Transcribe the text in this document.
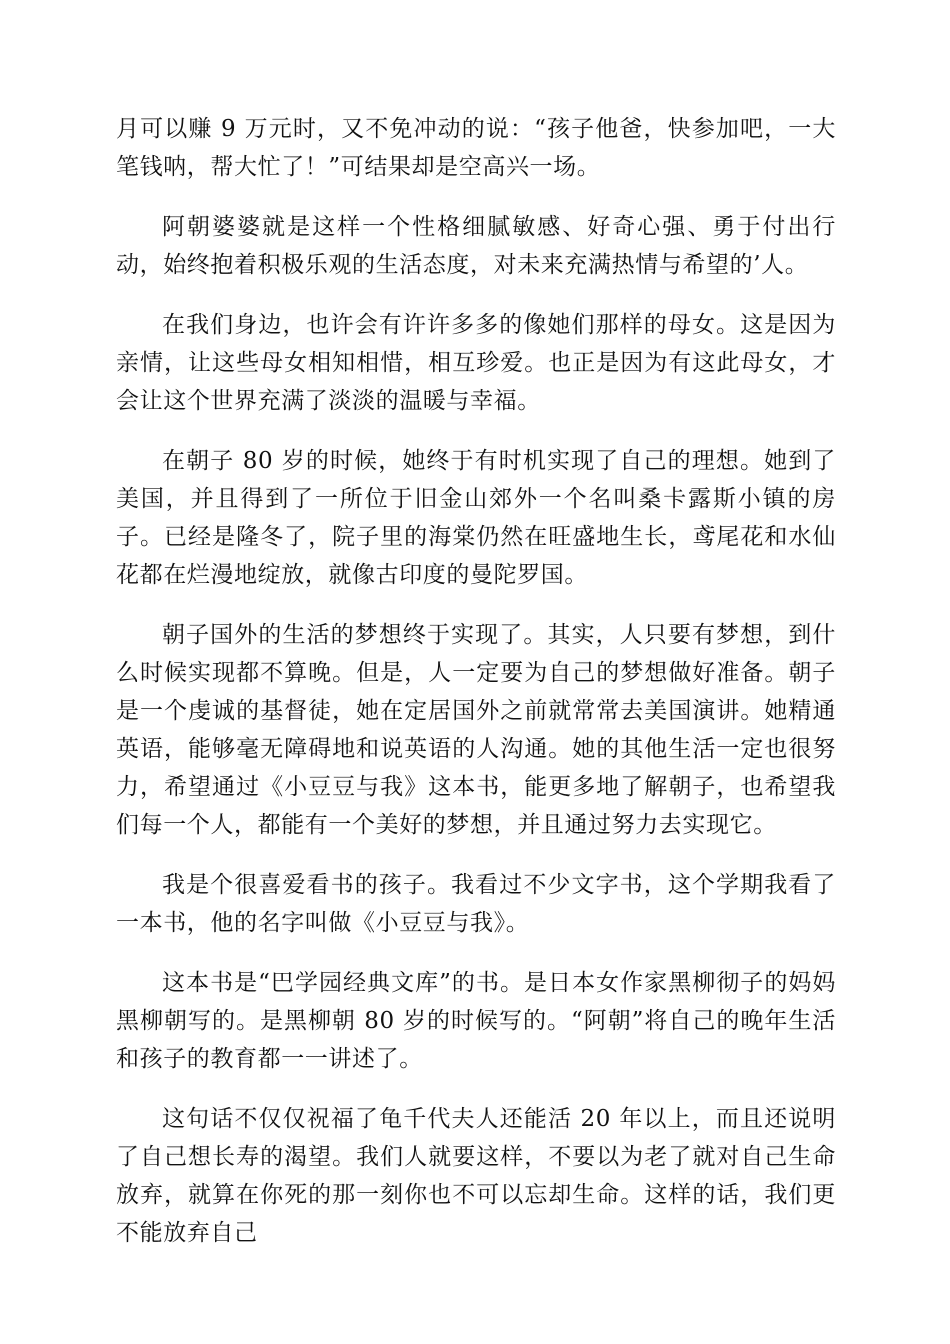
月可以赚 9 万元时，又不免冲动的说：“孩子他爸，快参加吧，一大笔钱呐，帮大忙了！”可结果却是空高兴一场。

阿朝婆婆就是这样一个性格细腻敏感、好奇心强、勇于付出行动，始终抱着积极乐观的生活态度，对未来充满热情与希望的’人。

在我们身边，也许会有许许多多的像她们那样的母女。这是因为亲情，让这些母女相知相惜，相互珍爱。也正是因为有这此母女，才会让这个世界充满了淡淡的温暖与幸福。

在朝子 80 岁的时候，她终于有时机实现了自己的理想。她到了美国，并且得到了一所位于旧金山郊外一个名叫桑卡露斯小镇的房子。已经是隆冬了，院子里的海棠仍然在旺盛地生长，鸢尾花和水仙花都在烂漫地绽放，就像古印度的曼陀罗国。

朝子国外的生活的梦想终于实现了。其实，人只要有梦想，到什么时候实现都不算晚。但是，人一定要为自己的梦想做好准备。朝子是一个虔诚的基督徒，她在定居国外之前就常常去美国演讲。她精通英语，能够毫无障碍地和说英语的人沟通。她的其他生活一定也很努力，希望通过《小豆豆与我》这本书，能更多地了解朝子，也希望我们每一个人，都能有一个美好的梦想，并且通过努力去实现它。

我是个很喜爱看书的孩子。我看过不少文字书，这个学期我看了一本书，他的名字叫做《小豆豆与我》。

这本书是“巴学园经典文库”的书。是日本女作家黑柳彻子的妈妈黑柳朝写的。是黑柳朝 80 岁的时候写的。“阿朝”将自己的晚年生活和孩子的教育都一一讲述了。

这句话不仅仅祝福了龟千代夫人还能活 20 年以上，而且还说明了自己想长寿的渴望。我们人就要这样，不要以为老了就对自己生命放弃，就算在你死的那一刻你也不可以忘却生命。这样的话，我们更不能放弃自己
